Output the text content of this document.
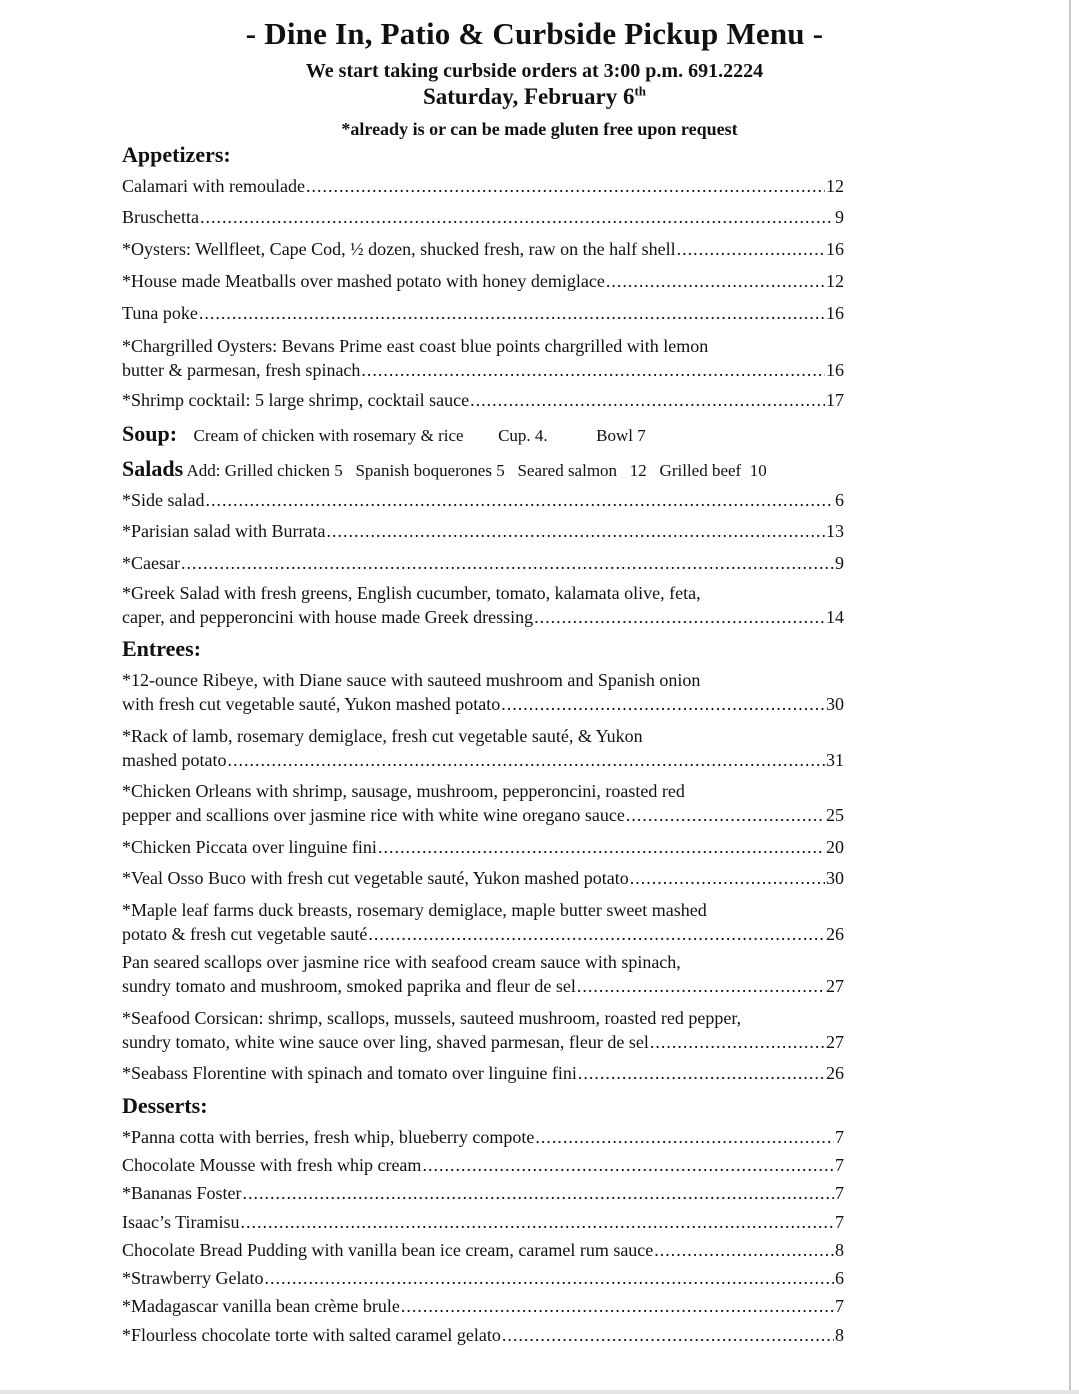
- Dine In, Patio & Curbside Pickup Menu -
We start taking curbside orders at 3:00 p.m. 691.2224
Saturday, February 6th
*already is or can be made gluten free upon request
Appetizers:
Calamari with remoulade .....	12
Bruschetta .....	9
*Oysters: Wellfleet, Cape Cod, ½ dozen, shucked fresh, raw on the half shell .....	16
*House made Meatballs over mashed potato with honey demiglace .....	12
Tuna poke .....	16
*Chargrilled Oysters: Bevans Prime east coast blue points chargrilled with lemon
butter & parmesan, fresh spinach .....	16
*Shrimp cocktail: 5 large shrimp, cocktail sauce .....	17
Soup: Cream of chicken with rosemary & rice Cup. 4.	Bowl 7
Salads Add: Grilled chicken 5   Spanish boquerones 5   Seared salmon   12   Grilled beef  10
*Side salad .....	6
*Parisian salad with Burrata .....	13
*Caesar .....	9
*Greek Salad with fresh greens, English cucumber, tomato, kalamata olive, feta,
caper, and pepperoncini with house made Greek dressing .....	14
Entrees:
*12-ounce Ribeye, with Diane sauce with sauteed mushroom and Spanish onion
with fresh cut vegetable sauté, Yukon mashed potato .....	30
*Rack of lamb, rosemary demiglace, fresh cut vegetable sauté, & Yukon
mashed potato .....	31
*Chicken Orleans with shrimp, sausage, mushroom, pepperoncini, roasted red
pepper and scallions over jasmine rice with white wine oregano sauce .....	25
*Chicken Piccata over linguine fini .....	20
*Veal Osso Buco with fresh cut vegetable sauté, Yukon mashed potato .....	30
*Maple leaf farms duck breasts, rosemary demiglace, maple butter sweet mashed
potato & fresh cut vegetable sauté .....	26
Pan seared scallops over jasmine rice with seafood cream sauce with spinach,
sundry tomato and mushroom, smoked paprika and fleur de sel .....	27
*Seafood Corsican: shrimp, scallops, mussels, sauteed mushroom, roasted red pepper,
sundry tomato, white wine sauce over ling, shaved parmesan, fleur de sel .....	27
*Seabass Florentine with spinach and tomato over linguine fini .....	26
Desserts:
*Panna cotta with berries, fresh whip, blueberry compote .....	7
Chocolate Mousse with fresh whip cream .....	7
*Bananas Foster .....	7
Isaac’s Tiramisu .....	7
Chocolate Bread Pudding with vanilla bean ice cream, caramel rum sauce .....	8
*Strawberry Gelato .....	6
*Madagascar vanilla bean crème brule .....	7
*Flourless chocolate torte with salted caramel gelato .....	8
